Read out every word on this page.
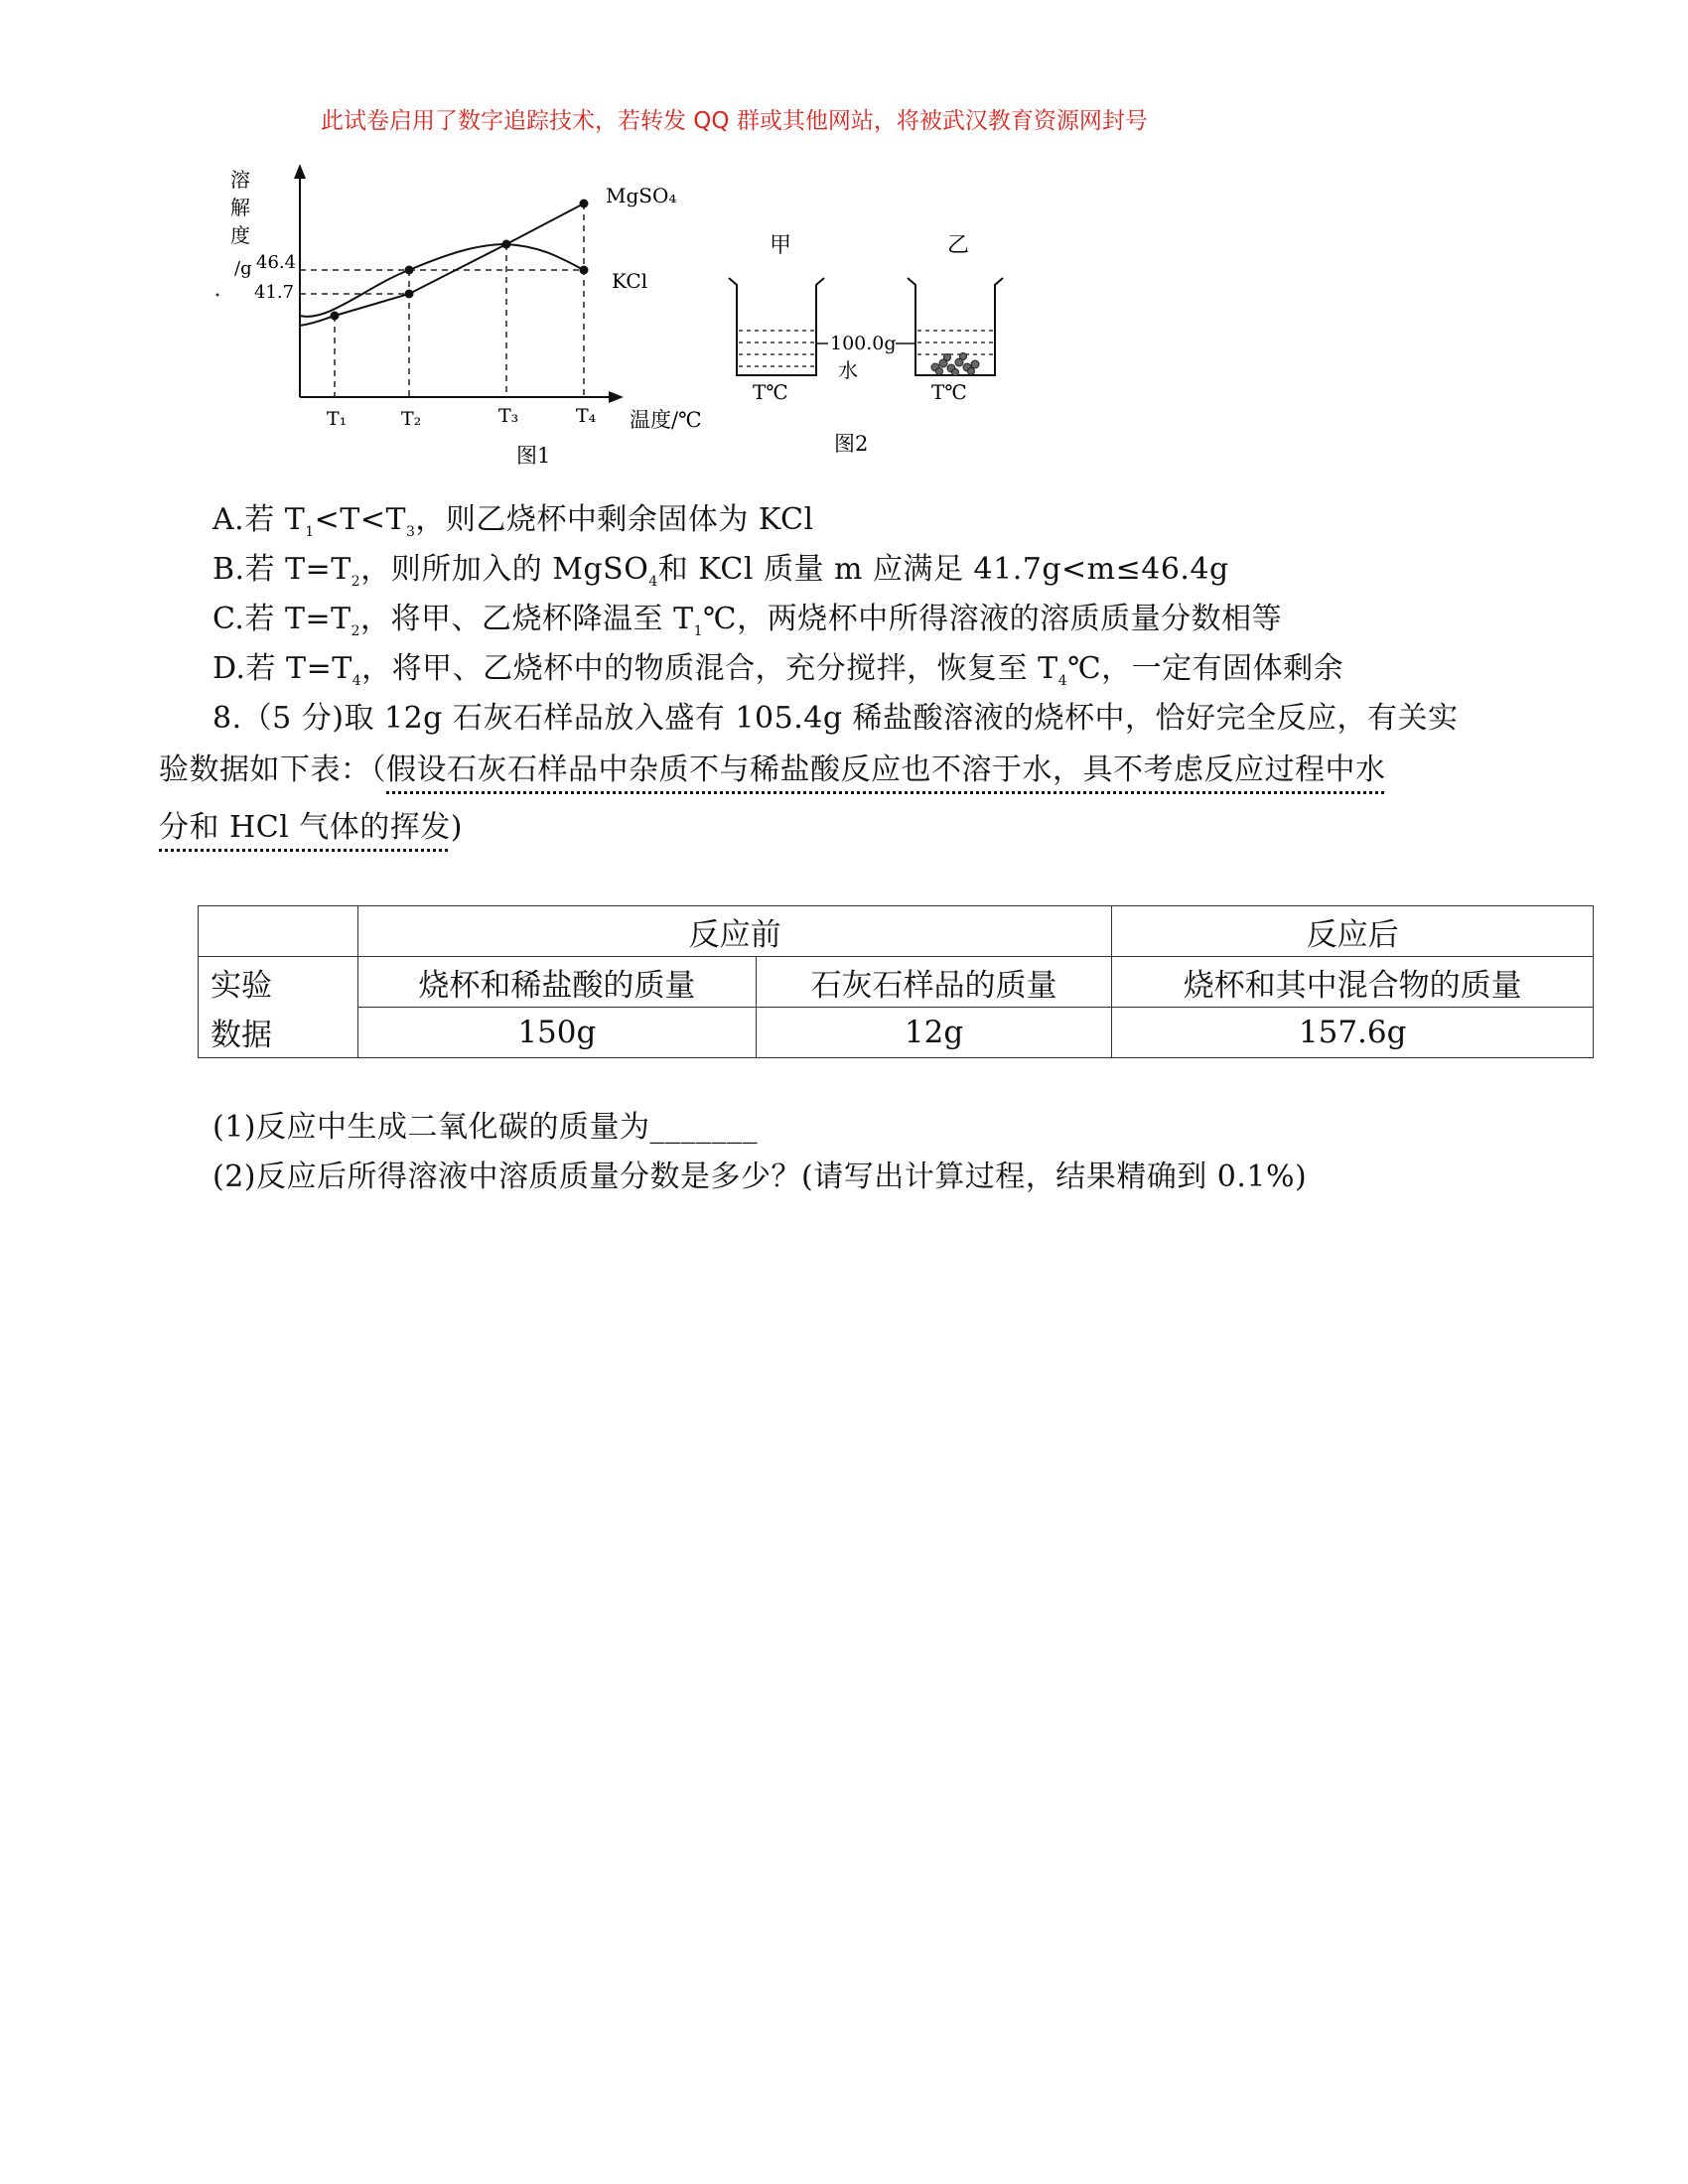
此试卷启用了数字追踪技术，若转发 QQ 群或其他网站，将被武汉教育资源网封号
溶
解
度
/g 46.4
41.7
MgSO₄
KCl
T₁	T₂	T₃	T₄ 温度/℃
图1
甲	乙
100.0g
水
T℃	T℃
图2
A.若 $T_1<T<T_3$，则乙烧杯中剩余固体为 KCl
B.若 $T=T_2$，则所加入的 MgSO$_4$和 KCl 质量 m 应满足 41.7g<m≤46.4g
C.若 $T=T_2$，将甲、乙烧杯降温至 $T_1℃$，两烧杯中所得溶液的溶质质量分数相等
D.若 $T=T_4$，将甲、乙烧杯中的物质混合，充分搅拌，恢复至 $T_4℃$，一定有固体剩余
8.（5 分)取 12g 石灰石样品放入盛有 105.4g 稀盐酸溶液的烧杯中，恰好完全反应，有关实
验数据如下表：（假设石灰石样品中杂质不与稀盐酸反应也不溶于水，具不考虑反应过程中水
分和 HCl 气体的挥发)
	反应前		反应后
实验	烧杯和稀盐酸的质量	石灰石样品的质量	烧杯和其中混合物的质量
数据	150g	12g	157.6g
(1)反应中生成二氧化碳的质量为_______
(2)反应后所得溶液中溶质质量分数是多少？(请写出计算过程，结果精确到 0.1%)
